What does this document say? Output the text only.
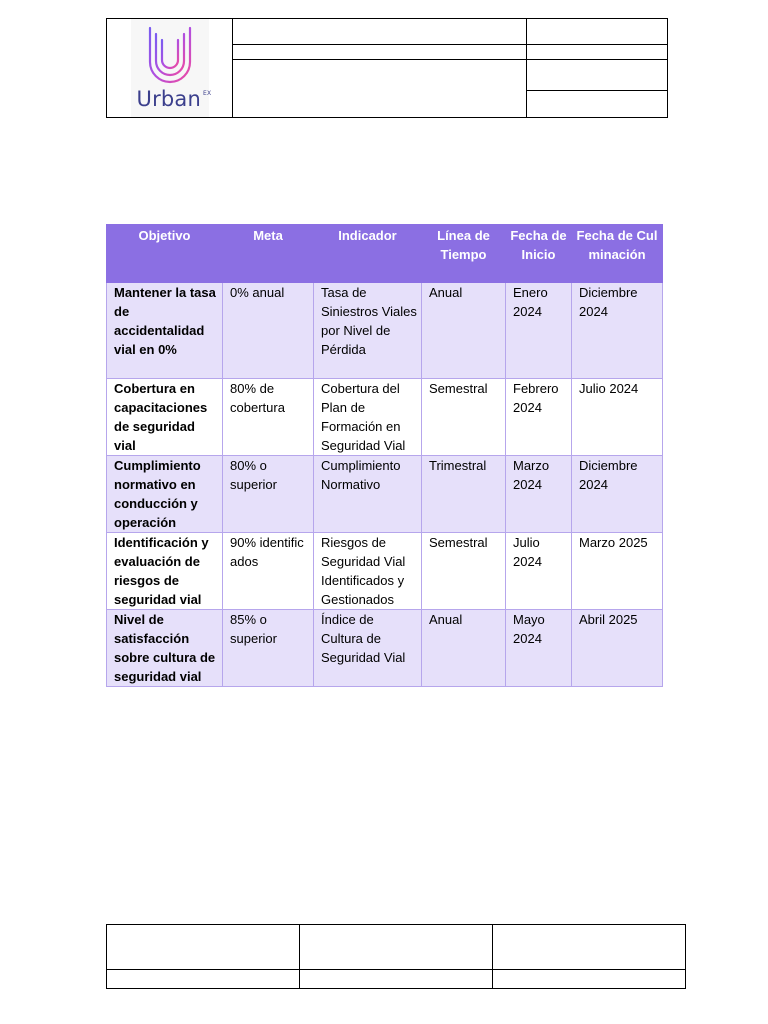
Urban $^{EX}$

Objetivo	Meta	Indicador	Línea de Tiempo	Fecha de Inicio	Fecha de Culminación
Mantener la tasa de accidentalidad vial en 0%	0% anual	Tasa de Siniestros Viales por Nivel de Pérdida	Anual	Enero 2024	Diciembre 2024
Cobertura en capacitaciones de seguridad vial	80% de cobertura	Cobertura del Plan de Formación en Seguridad Vial	Semestral	Febrero 2024	Julio 2024
Cumplimiento normativo en conducción y operación	80% o superior	Cumplimiento Normativo	Trimestral	Marzo 2024	Diciembre 2024
Identificación y evaluación de riesgos de seguridad vial	90% identificados	Riesgos de Seguridad Vial Identificados y Gestionados	Semestral	Julio 2024	Marzo 2025
Nivel de satisfacción sobre cultura de seguridad vial	85% o superior	Índice de Cultura de Seguridad Vial	Anual	Mayo 2024	Abril 2025
